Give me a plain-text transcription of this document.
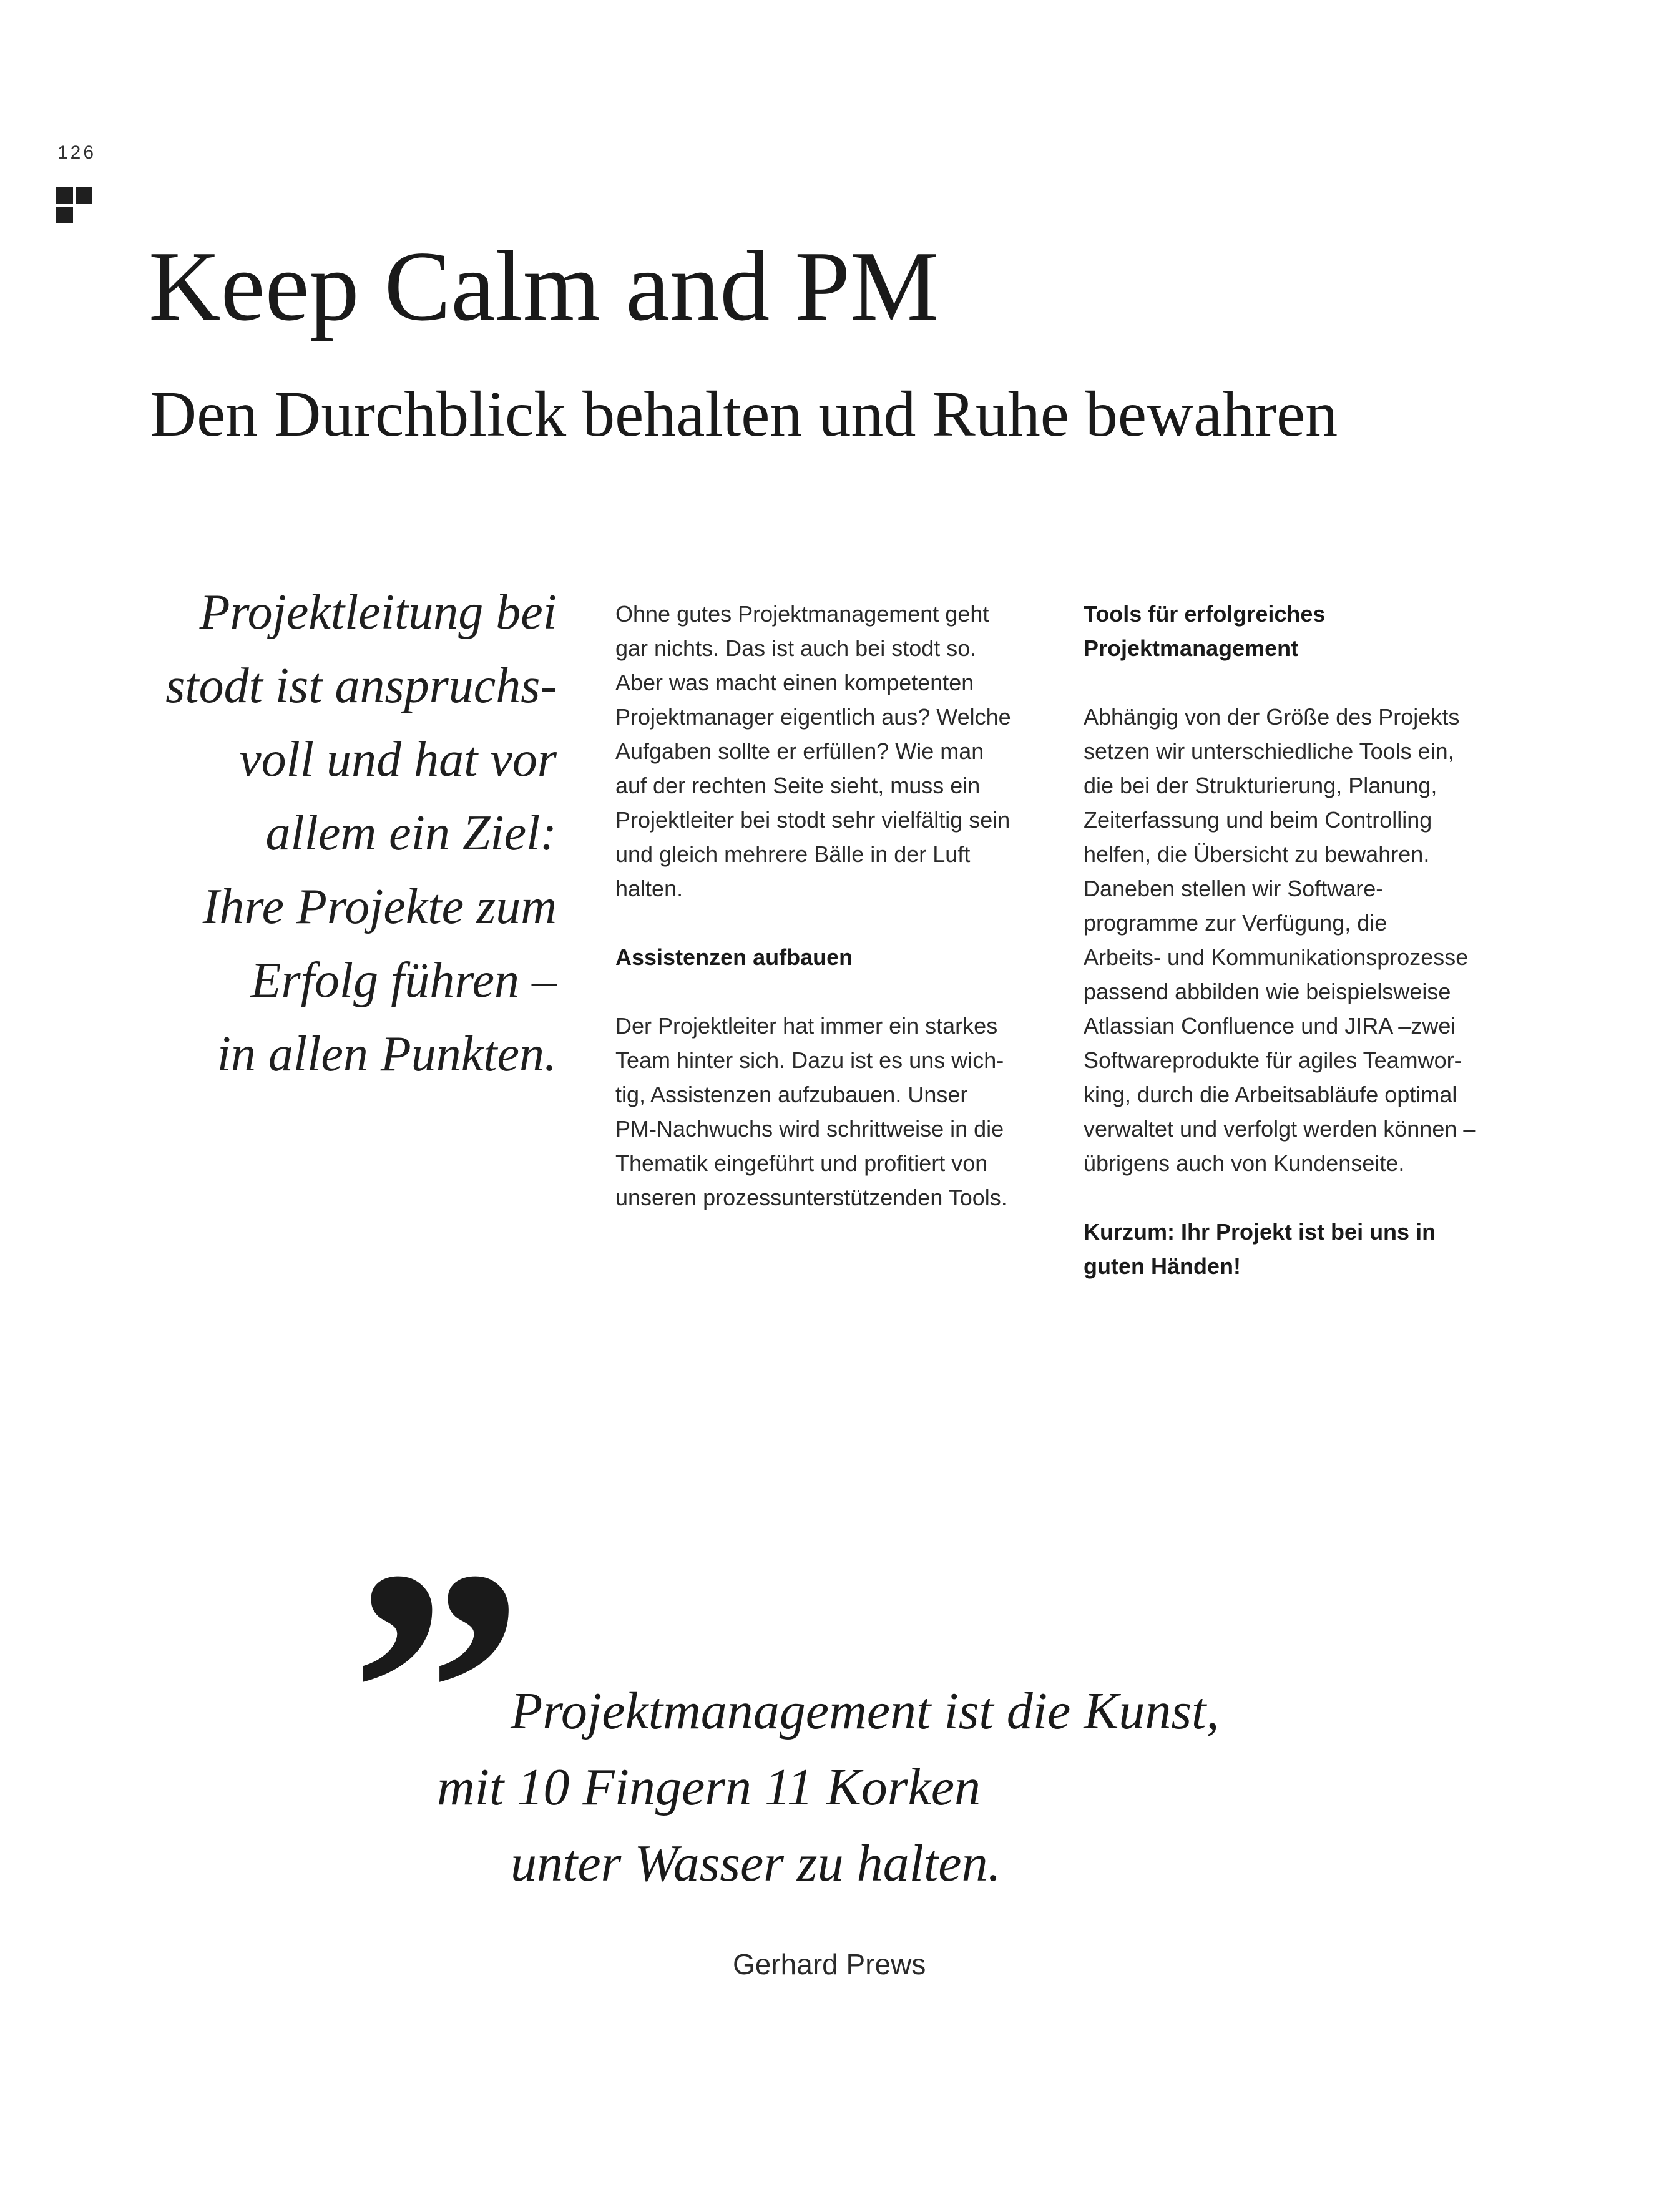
126
Keep Calm and PM
Den Durchblick behalten und Ruhe bewahren
Projektleitung bei
stodt ist anspruchs-
voll und hat vor
allem ein Ziel:
Ihre Projekte zum
Erfolg führen –
in allen Punkten.

Ohne gutes Projektmanagement geht
gar nichts. Das ist auch bei stodt so.
Aber was macht einen kompetenten
Projektmanager eigentlich aus? Welche
Aufgaben sollte er erfüllen? Wie man
auf der rechten Seite sieht, muss ein
Projektleiter bei stodt sehr vielfältig sein
und gleich mehrere Bälle in der Luft
halten.

Assistenzen aufbauen

Der Projektleiter hat immer ein starkes
Team hinter sich. Dazu ist es uns wich-
tig, Assistenzen aufzubauen. Unser
PM-Nachwuchs wird schrittweise in die
Thematik eingeführt und profitiert von
unseren prozessunterstützenden Tools.

Tools für erfolgreiches
Projektmanagement

Abhängig von der Größe des Projekts
setzen wir unterschiedliche Tools ein,
die bei der Strukturierung, Planung,
Zeiterfassung und beim Controlling
helfen, die Übersicht zu bewahren.
Daneben stellen wir Software-
programme zur Verfügung, die
Arbeits- und Kommunikationsprozesse
passend abbilden wie beispielsweise
Atlassian Confluence und JIRA –zwei
Softwareprodukte für agiles Teamwor-
king, durch die Arbeitsabläufe optimal
verwaltet und verfolgt werden können –
übrigens auch von Kundenseite.

Kurzum: Ihr Projekt ist bei uns in
guten Händen!

”

Projektmanagement ist die Kunst,

mit 10 Fingern 11 Korken

unter Wasser zu halten.

Gerhard Prews
